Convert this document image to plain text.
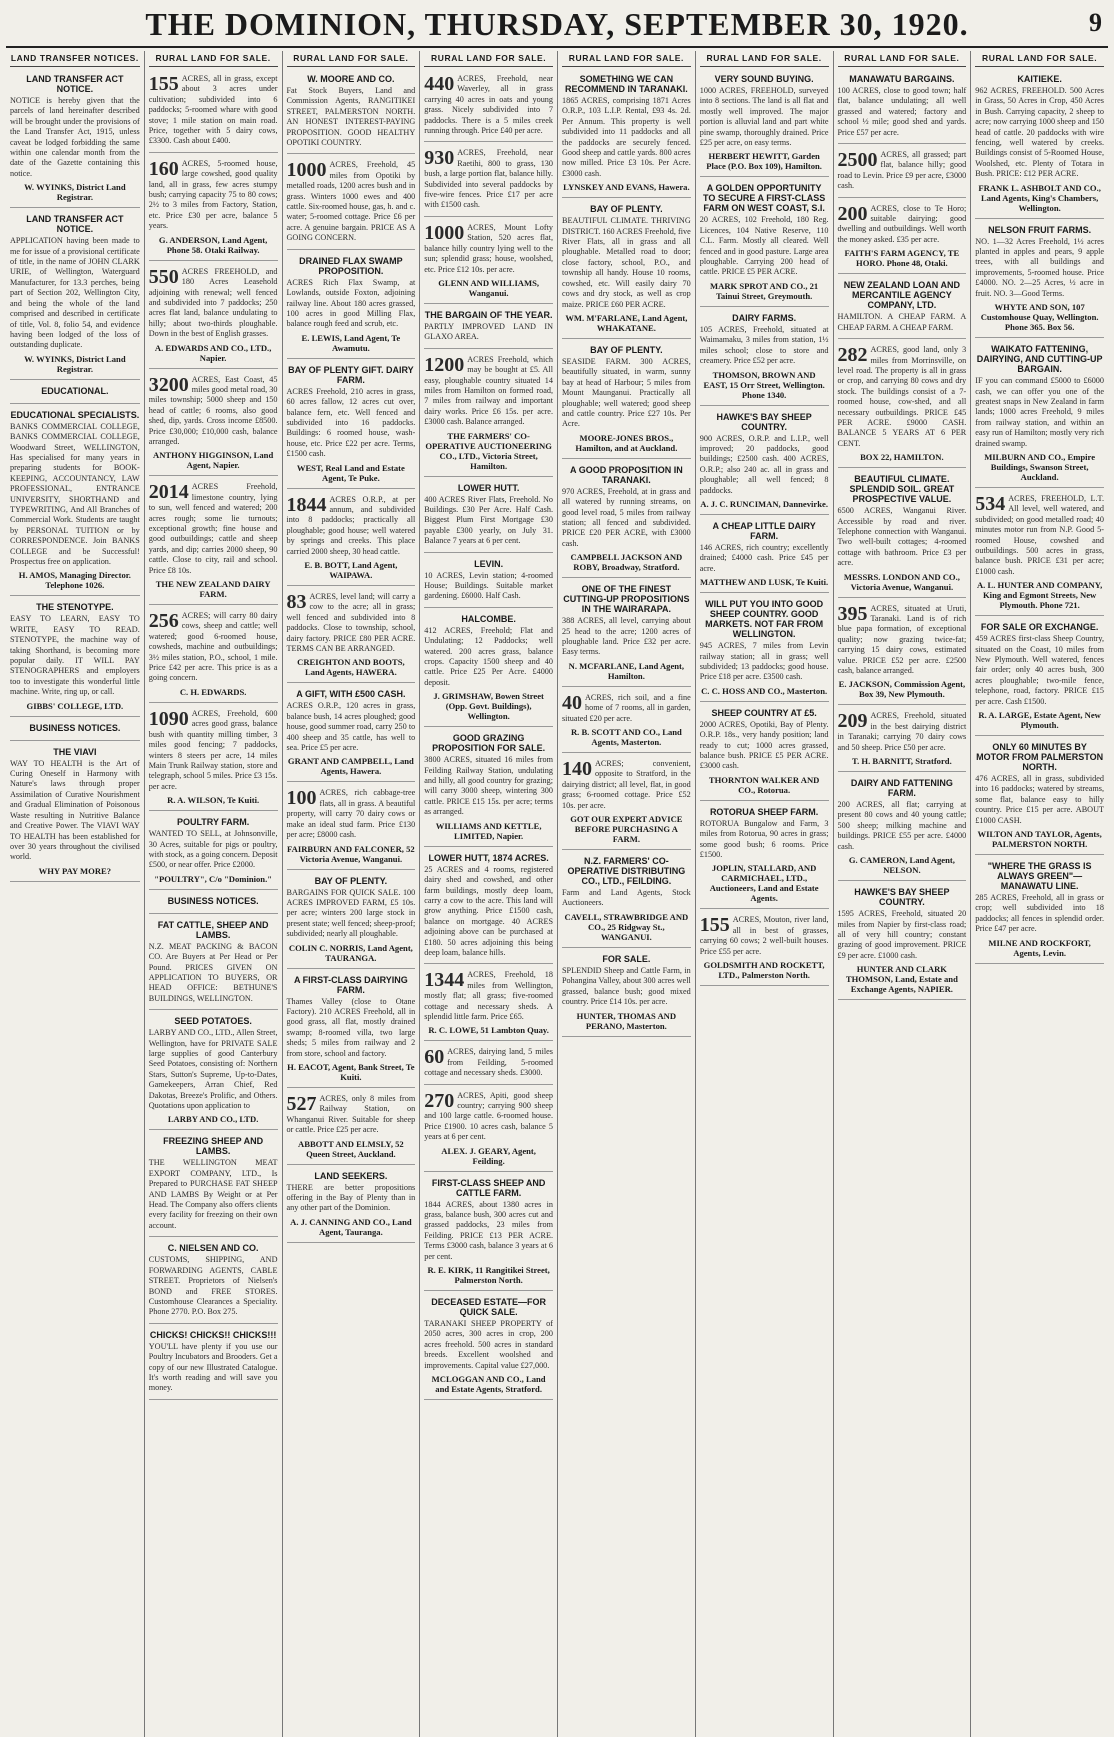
THE DOMINION, THURSDAY, SEPTEMBER 30, 1920.	9
LAND TRANSFER NOTICES.
LAND TRANSFER ACT NOTICE.
NOTICE is hereby given that the parcels of land hereinafter described will be brought under the provisions of the Land Transfer Act, 1915, unless caveat be lodged forbidding the same within one calendar month from the date of the Gazette containing this notice.
W. WYINKS, District Land Registrar.
LAND TRANSFER ACT NOTICE.
APPLICATION having been made to me for issue of a provisional certificate of title, in the name of JOHN CLARK URIE, of Wellington, Waterguard Manufacturer, for 13.3 perches, being part of Section 202, Wellington City, and being the whole of the land comprised and described in certificate of title, Vol. 8, folio 54, and evidence having been lodged of the loss of outstanding duplicate.
W. WYINKS, District Land Registrar.
EDUCATIONAL.
EDUCATIONAL SPECIALISTS.
BANKS COMMERCIAL COLLEGE, BANKS COMMERCIAL COLLEGE, Woodward Street, WELLINGTON, Has specialised for many years in preparing students for BOOK-KEEPING, ACCOUNTANCY, LAW PROFESSIONAL, ENTRANCE UNIVERSITY, SHORTHAND and TYPEWRITING, And All Branches of Commercial Work. Students are taught by PERSONAL TUITION or by CORRESPONDENCE. Join BANKS COLLEGE and be Successful! Prospectus free on application.
H. AMOS, Managing Director. Telephone 1026.
THE STENOTYPE.
EASY TO LEARN, EASY TO WRITE, EASY TO READ. STENOTYPE, the machine way of taking Shorthand, is becoming more popular daily. IT WILL PAY STENOGRAPHERS and employers too to investigate this wonderful little machine. Write, ring up, or call.
GIBBS' COLLEGE, LTD.
BUSINESS NOTICES.
THE VIAVI
WAY TO HEALTH is the Art of Curing Oneself in Harmony with Nature's laws through proper Assimilation of Curative Nourishment and Gradual Elimination of Poisonous Waste resulting in Nutritive Balance and Creative Power. The VIAVI WAY TO HEALTH has been established for over 30 years throughout the civilised world.
WHY PAY MORE?
RURAL LAND FOR SALE.
155 ACRES, all in grass, except about 3 acres under cultivation; subdivided into 6 paddocks; 5-roomed whare with good stove; 1 mile station on main road. Price, together with 5 dairy cows, £3300. Cash about £400.
160 ACRES, 5-roomed house, large cowshed, good quality land, all in grass, few acres stumpy bush; carrying capacity 75 to 80 cows; 2½ to 3 miles from Factory, Station, etc. Price £30 per acre, balance 5 years.
G. ANDERSON, Land Agent, Phone 58. Otaki Railway.
550 ACRES FREEHOLD, and 180 Acres Leasehold adjoining with renewal; well fenced and subdivided into 7 paddocks; 250 acres flat land, balance undulating to hilly; about two-thirds ploughable. Down in the best of English grasses.
A. EDWARDS AND CO., LTD., Napier.
3200 ACRES, East Coast, 45 miles good metal road, 30 miles township; 5000 sheep and 150 head of cattle; 6 rooms, also good shed, dip, yards. Cross income £8500. Price £30,000; £10,000 cash, balance arranged.
ANTHONY HIGGINSON, Land Agent, Napier.
2014 ACRES Freehold, limestone country, lying to sun, well fenced and watered; 200 acres rough; some lie turnouts; exceptional growth; fine house and good outbuildings; cattle and sheep yards, and dip; carries 2000 sheep, 90 cattle. Close to city, rail and school. Price £8 10s.
THE NEW ZEALAND DAIRY FARM.
256 ACRES; will carry 80 dairy cows, sheep and cattle; well watered; good 6-roomed house, cowsheds, machine and outbuildings; 3½ miles station, P.O., school, 1 mile. Price £42 per acre. This price is as a going concern.
C. H. EDWARDS.
1090 ACRES, Freehold, 600 acres good grass, balance bush with quantity milling timber, 3 miles good fencing; 7 paddocks, winters 8 steers per acre, 14 miles Main Trunk Railway station, store and telegraph, school 5 miles. Price £3 15s. per acre.
R. A. WILSON, Te Kuiti.
POULTRY FARM.
WANTED TO SELL, at Johnsonville, 30 Acres, suitable for pigs or poultry, with stock, as a going concern. Deposit £500, or near offer. Price £2000.
"POULTRY", C/o "Dominion."
BUSINESS NOTICES.
FAT CATTLE, SHEEP AND LAMBS.
N.Z. MEAT PACKING & BACON CO. Are Buyers at Per Head or Per Pound. PRICES GIVEN ON APPLICATION TO BUYERS, OR HEAD OFFICE: BETHUNE'S BUILDINGS, WELLINGTON.
SEED POTATOES.
LARBY AND CO., LTD., Allen Street, Wellington, have for PRIVATE SALE large supplies of good Canterbury Seed Potatoes, consisting of: Northern Stars, Sutton's Supreme, Up-to-Dates, Gamekeepers, Arran Chief, Red Dakotas, Breeze's Prolific, and Others. Quotations upon application to
LARBY AND CO., LTD.
FREEZING SHEEP AND LAMBS.
THE WELLINGTON MEAT EXPORT COMPANY, LTD., Is Prepared to PURCHASE FAT SHEEP AND LAMBS By Weight or at Per Head. The Company also offers clients every facility for freezing on their own account.
C. NIELSEN AND CO.
CUSTOMS, SHIPPING, AND FORWARDING AGENTS, CABLE STREET. Proprietors of Nielsen's BOND and FREE STORES. Customhouse Clearances a Speciality. Phone 2770. P.O. Box 275.
CHICKS! CHICKS!! CHICKS!!!
YOU'LL have plenty if you use our Poultry Incubators and Brooders. Get a copy of our new Illustrated Catalogue. It's worth reading and will save you money.
RURAL LAND FOR SALE.
W. MOORE AND CO.
Fat Stock Buyers, Land and Commission Agents, RANGITIKEI STREET, PALMERSTON NORTH. AN HONEST INTEREST-PAYING PROPOSITION. GOOD HEALTHY OPOTIKI COUNTRY.
1000 ACRES, Freehold, 45 miles from Opotiki by metalled roads, 1200 acres bush and in grass. Winters 1000 ewes and 400 cattle. Six-roomed house, gas, h. and c. water; 5-roomed cottage. Price £6 per acre. A genuine bargain. PRICE AS A GOING CONCERN.
DRAINED FLAX SWAMP PROPOSITION.
ACRES Rich Flax Swamp, at Lowlands, outside Foxton, adjoining railway line. About 180 acres grassed, 100 acres in good Milling Flax, balance rough feed and scrub, etc.
E. LEWIS, Land Agent, Te Awamutu.
BAY OF PLENTY GIFT. DAIRY FARM.
ACRES Freehold, 210 acres in grass, 60 acres fallow, 12 acres cut over, balance fern, etc. Well fenced and subdivided into 16 paddocks. Buildings: 6 roomed house, wash-house, etc. Price £22 per acre. Terms, £1500 cash.
WEST, Real Land and Estate Agent, Te Puke.
1844 ACRES O.R.P., at per annum, and subdivided into 8 paddocks; practically all ploughable; good house; well watered by springs and creeks. This place carried 2000 sheep, 30 head cattle.
E. B. BOTT, Land Agent, WAIPAWA.
83 ACRES, level land; will carry a cow to the acre; all in grass; well fenced and subdivided into 8 paddocks. Close to township, school, dairy factory. PRICE £80 PER ACRE. TERMS CAN BE ARRANGED.
CREIGHTON AND BOOTS, Land Agents, HAWERA.
A GIFT, WITH £500 CASH.
ACRES O.R.P., 120 acres in grass, balance bush, 14 acres ploughed; good house, good summer road, carry 250 to 400 sheep and 35 cattle, has well to sea. Price £5 per acre.
GRANT AND CAMPBELL, Land Agents, Hawera.
100 ACRES, rich cabbage-tree flats, all in grass. A beautiful property, will carry 70 dairy cows or make an ideal stud farm. Price £130 per acre; £8000 cash.
FAIRBURN AND FALCONER, 52 Victoria Avenue, Wanganui.
BAY OF PLENTY.
BARGAINS FOR QUICK SALE. 100 ACRES IMPROVED FARM, £5 10s. per acre; winters 200 large stock in present state; well fenced; sheep-proof; subdivided; nearly all ploughable.
COLIN C. NORRIS, Land Agent, TAURANGA.
A FIRST-CLASS DAIRYING FARM.
Thames Valley (close to Otane Factory). 210 ACRES Freehold, all in good grass, all flat, mostly drained swamp; 8-roomed villa, two large sheds; 5 miles from railway and 2 from store, school and factory.
H. EACOT, Agent, Bank Street, Te Kuiti.
527 ACRES, only 8 miles from Railway Station, on Whanganui River. Suitable for sheep or cattle. Price £25 per acre.
ABBOTT AND ELMSLY, 52 Queen Street, Auckland.
LAND SEEKERS.
THERE are better propositions offering in the Bay of Plenty than in any other part of the Dominion.
A. J. CANNING AND CO., Land Agent, Tauranga.
RURAL LAND FOR SALE.
440 ACRES, Freehold, near Waverley, all in grass carrying 40 acres in oats and young grass. Nicely subdivided into 7 paddocks. There is a 5 miles creek running through. Price £40 per acre.
930 ACRES, Freehold, near Raetihi, 800 to grass, 130 bush, a large portion flat, balance hilly. Subdivided into several paddocks by five-wire fences. Price £17 per acre with £1500 cash.
1000 ACRES, Mount Lofty Station, 520 acres flat, balance hilly country lying well to the sun; splendid grass; house, woolshed, etc. Price £12 10s. per acre.
GLENN AND WILLIAMS, Wanganui.
THE BARGAIN OF THE YEAR.
PARTLY IMPROVED LAND IN GLAXO AREA.
1200 ACRES Freehold, which may be bought at £5. All easy, ploughable country situated 14 miles from Hamilton on formed road, 7 miles from railway and important dairy works. Price £6 15s. per acre. £3000 cash. Balance arranged.
THE FARMERS' CO-OPERATIVE AUCTIONEERING CO., LTD., Victoria Street, Hamilton.
LOWER HUTT.
400 ACRES River Flats, Freehold. No Buildings. £30 Per Acre. Half Cash. Biggest Plum First Mortgage £30 payable £300 yearly, on July 31. Balance 7 years at 6 per cent.
LEVIN.
10 ACRES, Levin station; 4-roomed House; Buildings. Suitable market gardening. £6000. Half Cash.
HALCOMBE.
412 ACRES, Freehold; Flat and Undulating; 12 Paddocks; well watered. 200 acres grass, balance crops. Capacity 1500 sheep and 40 cattle. Price £25 Per Acre. £4000 deposit.
J. GRIMSHAW, Bowen Street (Opp. Govt. Buildings), Wellington.
GOOD GRAZING PROPOSITION FOR SALE.
3800 ACRES, situated 16 miles from Feilding Railway Station, undulating and hilly, all good country for grazing; will carry 3000 sheep, wintering 300 cattle. PRICE £15 15s. per acre; terms as arranged.
WILLIAMS AND KETTLE, LIMITED, Napier.
LOWER HUTT, 1874 ACRES.
25 ACRES and 4 rooms, registered dairy shed and cowshed, and other farm buildings, mostly deep loam, carry a cow to the acre. This land will grow anything. Price £1500 cash, balance on mortgage. 40 ACRES adjoining above can be purchased at £180. 50 acres adjoining this being deep loam, balance hills.
1344 ACRES, Freehold, 18 miles from Wellington, mostly flat; all grass; five-roomed cottage and necessary sheds. A splendid little farm. Price £65.
R. C. LOWE, 51 Lambton Quay.
60 ACRES, dairying land, 5 miles from Feilding, 5-roomed cottage and necessary sheds. £3000.
270 ACRES, Apiti, good sheep country; carrying 900 sheep and 100 large cattle. 6-roomed house. Price £1900. 10 acres cash, balance 5 years at 6 per cent.
ALEX. J. GEARY, Agent, Feilding.
FIRST-CLASS SHEEP AND CATTLE FARM.
1844 ACRES, about 1380 acres in grass, balance bush, 300 acres cut and grassed paddocks, 23 miles from Feilding. PRICE £13 PER ACRE. Terms £3000 cash, balance 3 years at 6 per cent.
R. E. KIRK, 11 Rangitikei Street, Palmerston North.
DECEASED ESTATE—FOR QUICK SALE.
TARANAKI SHEEP PROPERTY of 2050 acres, 300 acres in crop, 200 acres freehold. 500 acres in standard breeds. Excellent woolshed and improvements. Capital value £27,000.
MCLOGGAN AND CO., Land and Estate Agents, Stratford.
RURAL LAND FOR SALE.
SOMETHING WE CAN RECOMMEND IN TARANAKI.
1865 ACRES, comprising 1871 Acres O.R.P., 103 L.I.P. Rental, £93 4s. 2d. Per Annum. This property is well subdivided into 11 paddocks and all the paddocks are securely fenced. Good sheep and cattle yards. 800 acres now milled. Price £3 10s. Per Acre. £3000 cash.
LYNSKEY AND EVANS, Hawera.
BAY OF PLENTY.
BEAUTIFUL CLIMATE. THRIVING DISTRICT. 160 ACRES Freehold, five River Flats, all in grass and all ploughable. Metalled road to door; close factory, school, P.O., and township all handy. House 10 rooms, cowshed, etc. Will easily dairy 70 cows and dry stock, as well as crop maize. PRICE £60 PER ACRE.
WM. M'FARLANE, Land Agent, WHAKATANE.
BAY OF PLENTY.
SEASIDE FARM. 300 ACRES, beautifully situated, in warm, sunny bay at head of Harbour; 5 miles from Mount Maunganui. Practically all ploughable; well watered; good sheep and cattle country. Price £27 10s. Per Acre.
MOORE-JONES BROS., Hamilton, and at Auckland.
A GOOD PROPOSITION IN TARANAKI.
970 ACRES, Freehold, at in grass and all watered by running streams, on good level road, 5 miles from railway station; all fenced and subdivided. PRICE £20 PER ACRE, with £3000 cash.
CAMPBELL JACKSON AND ROBY, Broadway, Stratford.
ONE OF THE FINEST CUTTING-UP PROPOSITIONS IN THE WAIRARAPA.
388 ACRES, all level, carrying about 25 head to the acre; 1200 acres of ploughable land. Price £32 per acre. Easy terms.
N. MCFARLANE, Land Agent, Hamilton.
40 ACRES, rich soil, and a fine home of 7 rooms, all in garden, situated £20 per acre.
R. B. SCOTT AND CO., Land Agents, Masterton.
140 ACRES; convenient, opposite to Stratford, in the dairying district; all level, flat, in good grass; 6-roomed cottage. Price £52 10s. per acre.
GOT OUR EXPERT ADVICE BEFORE PURCHASING A FARM.
N.Z. FARMERS' CO-OPERATIVE DISTRIBUTING CO., LTD., FEILDING.
Farm and Land Agents, Stock Auctioneers.
CAVELL, STRAWBRIDGE AND CO., 25 Ridgway St., WANGANUI.
FOR SALE.
SPLENDID Sheep and Cattle Farm, in Pohangina Valley, about 300 acres well grassed, balance bush; good mixed country. Price £14 10s. per acre.
HUNTER, THOMAS AND PERANO, Masterton.
RURAL LAND FOR SALE.
VERY SOUND BUYING.
1000 ACRES, FREEHOLD, surveyed into 8 sections. The land is all flat and mostly well improved. The major portion is alluvial land and part white pine swamp, thoroughly drained. Price £25 per acre, on easy terms.
HERBERT HEWITT, Garden Place (P.O. Box 109), Hamilton.
A GOLDEN OPPORTUNITY TO SECURE A FIRST-CLASS FARM ON WEST COAST, S.I.
20 ACRES, 102 Freehold, 180 Reg. Licences, 104 Native Reserve, 110 C.L. Farm. Mostly all cleared. Well fenced and in good pasture. Large area ploughable. Carrying 200 head of cattle. PRICE £5 PER ACRE.
MARK SPROT AND CO., 21 Tainui Street, Greymouth.
DAIRY FARMS.
105 ACRES, Freehold, situated at Waimamaku, 3 miles from station, 1½ miles school; close to store and creamery. Price £52 per acre.
THOMSON, BROWN AND EAST, 15 Orr Street, Wellington. Phone 1340.
HAWKE'S BAY SHEEP COUNTRY.
900 ACRES, O.R.P. and L.I.P., well improved; 20 paddocks, good buildings; £2500 cash. 400 ACRES, O.R.P.; also 240 ac. all in grass and ploughable; all well fenced; 8 paddocks.
A. J. C. RUNCIMAN, Dannevirke.
A CHEAP LITTLE DAIRY FARM.
146 ACRES, rich country; excellently drained; £4000 cash. Price £45 per acre.
MATTHEW AND LUSK, Te Kuiti.
WILL PUT YOU INTO GOOD SHEEP COUNTRY. GOOD MARKETS. NOT FAR FROM WELLINGTON.
945 ACRES, 7 miles from Levin railway station; all in grass; well subdivided; 13 paddocks; good house. Price £18 per acre. £3500 cash.
C. C. HOSS AND CO., Masterton.
SHEEP COUNTRY AT £5.
2000 ACRES, Opotiki, Bay of Plenty. O.R.P. 18s., very handy position; land ready to cut; 1000 acres grassed, balance bush. PRICE £5 PER ACRE. £3000 cash.
THORNTON WALKER AND CO., Rotorua.
ROTORUA SHEEP FARM.
ROTORUA Bungalow and Farm, 3 miles from Rotorua, 90 acres in grass; some good bush; 6 rooms. Price £1500.
JOPLIN, STALLARD, AND CARMICHAEL, LTD., Auctioneers, Land and Estate Agents.
155 ACRES, Mouton, river land, all in best of grasses, carrying 60 cows; 2 well-built houses. Price £55 per acre.
GOLDSMITH AND ROCKETT, LTD., Palmerston North.
RURAL LAND FOR SALE.
MANAWATU BARGAINS.
100 ACRES, close to good town; half flat, balance undulating; all well grassed and watered; factory and school ½ mile; good shed and yards. Price £57 per acre.
2500 ACRES, all grassed; part flat, balance hilly; good road to Levin. Price £9 per acre, £3000 cash.
200 ACRES, close to Te Horo; suitable dairying; good dwelling and outbuildings. Well worth the money asked. £35 per acre.
FAITH'S FARM AGENCY, TE HORO. Phone 48, Otaki.
NEW ZEALAND LOAN AND MERCANTILE AGENCY COMPANY, LTD.
HAMILTON. A CHEAP FARM. A CHEAP FARM. A CHEAP FARM.
282 ACRES, good land, only 3 miles from Morrinsville, on level road. The property is all in grass or crop, and carrying 80 cows and dry stock. The buildings consist of a 7-roomed house, cow-shed, and all necessary outbuildings. PRICE £45 PER ACRE. £9000 CASH. BALANCE 5 YEARS AT 6 PER CENT.
BOX 22, HAMILTON.
BEAUTIFUL CLIMATE. SPLENDID SOIL. GREAT PROSPECTIVE VALUE.
6500 ACRES, Wanganui River. Accessible by road and river. Telephone connection with Wanganui. Two well-built cottages; 4-roomed cottage with bathroom. Price £3 per acre.
MESSRS. LONDON AND CO., Victoria Avenue, Wanganui.
395 ACRES, situated at Uruti, Taranaki. Land is of rich blue papa formation, of exceptional quality; now grazing twice-fat; carrying 15 dairy cows, estimated value. PRICE £52 per acre. £2500 cash, balance arranged.
E. JACKSON, Commission Agent, Box 39, New Plymouth.
209 ACRES, Freehold, situated in the best dairying district in Taranaki; carrying 70 dairy cows and 50 sheep. Price £50 per acre.
T. H. BARNITT, Stratford.
DAIRY AND FATTENING FARM.
200 ACRES, all flat; carrying at present 80 cows and 40 young cattle; 500 sheep; milking machine and buildings. PRICE £55 per acre. £4000 cash.
G. CAMERON, Land Agent, NELSON.
HAWKE'S BAY SHEEP COUNTRY.
1595 ACRES, Freehold, situated 20 miles from Napier by first-class road; all of very hill country; constant grazing of good improvement. PRICE £9 per acre. £1000 cash.
HUNTER AND CLARK THOMSON, Land, Estate and Exchange Agents, NAPIER.
RURAL LAND FOR SALE.
KAITIEKE.
962 ACRES, FREEHOLD. 500 Acres in Grass, 50 Acres in Crop, 450 Acres in Bush. Carrying capacity, 2 sheep to acre; now carrying 1000 sheep and 150 head of cattle. 20 paddocks with wire fencing, well watered by creeks. Buildings consist of 5-Roomed House, Woolshed, etc. Plenty of Totara in Bush. PRICE: £12 PER ACRE.
FRANK L. ASHBOLT AND CO., Land Agents, King's Chambers, Wellington.
NELSON FRUIT FARMS.
NO. 1—32 Acres Freehold, 1½ acres planted in apples and pears, 9 apple trees, with all buildings and improvements, 5-roomed house. Price £4000. NO. 2—25 Acres, ½ acre in fruit. NO. 3—Good Terms.
WHYTE AND SON, 107 Customhouse Quay, Wellington. Phone 365. Box 56.
WAIKATO FATTENING, DAIRYING, AND CUTTING-UP BARGAIN.
IF you can command £5000 to £6000 cash, we can offer you one of the greatest snaps in New Zealand in farm lands; 1000 acres Freehold, 9 miles from railway station, and within an easy run of Hamilton; mostly very rich drained swamp.
MILBURN AND CO., Empire Buildings, Swanson Street, Auckland.
534 ACRES, FREEHOLD, L.T. All level, well watered, and subdivided; on good metalled road; 40 minutes motor run from N.P. Good 5-roomed House, cowshed and outbuildings. 500 acres in grass, balance bush. PRICE £31 per acre; £1000 cash.
A. L. HUNTER AND COMPANY, King and Egmont Streets, New Plymouth. Phone 721.
FOR SALE OR EXCHANGE.
459 ACRES first-class Sheep Country, situated on the Coast, 10 miles from New Plymouth. Well watered, fences fair order; only 40 acres bush, 300 acres ploughable; two-mile fence, telephone, road, factory. PRICE £15 per acre. Cash £1500.
R. A. LARGE, Estate Agent, New Plymouth.
ONLY 60 MINUTES BY MOTOR FROM PALMERSTON NORTH.
476 ACRES, all in grass, subdivided into 16 paddocks; watered by streams, some flat, balance easy to hilly country. Price £15 per acre. ABOUT £1000 CASH.
WILTON AND TAYLOR, Agents, PALMERSTON NORTH.
"WHERE THE GRASS IS ALWAYS GREEN"—MANAWATU LINE.
285 ACRES, Freehold, all in grass or crop; well subdivided into 18 paddocks; all fences in splendid order. Price £47 per acre.
MILNE AND ROCKFORT, Agents, Levin.
